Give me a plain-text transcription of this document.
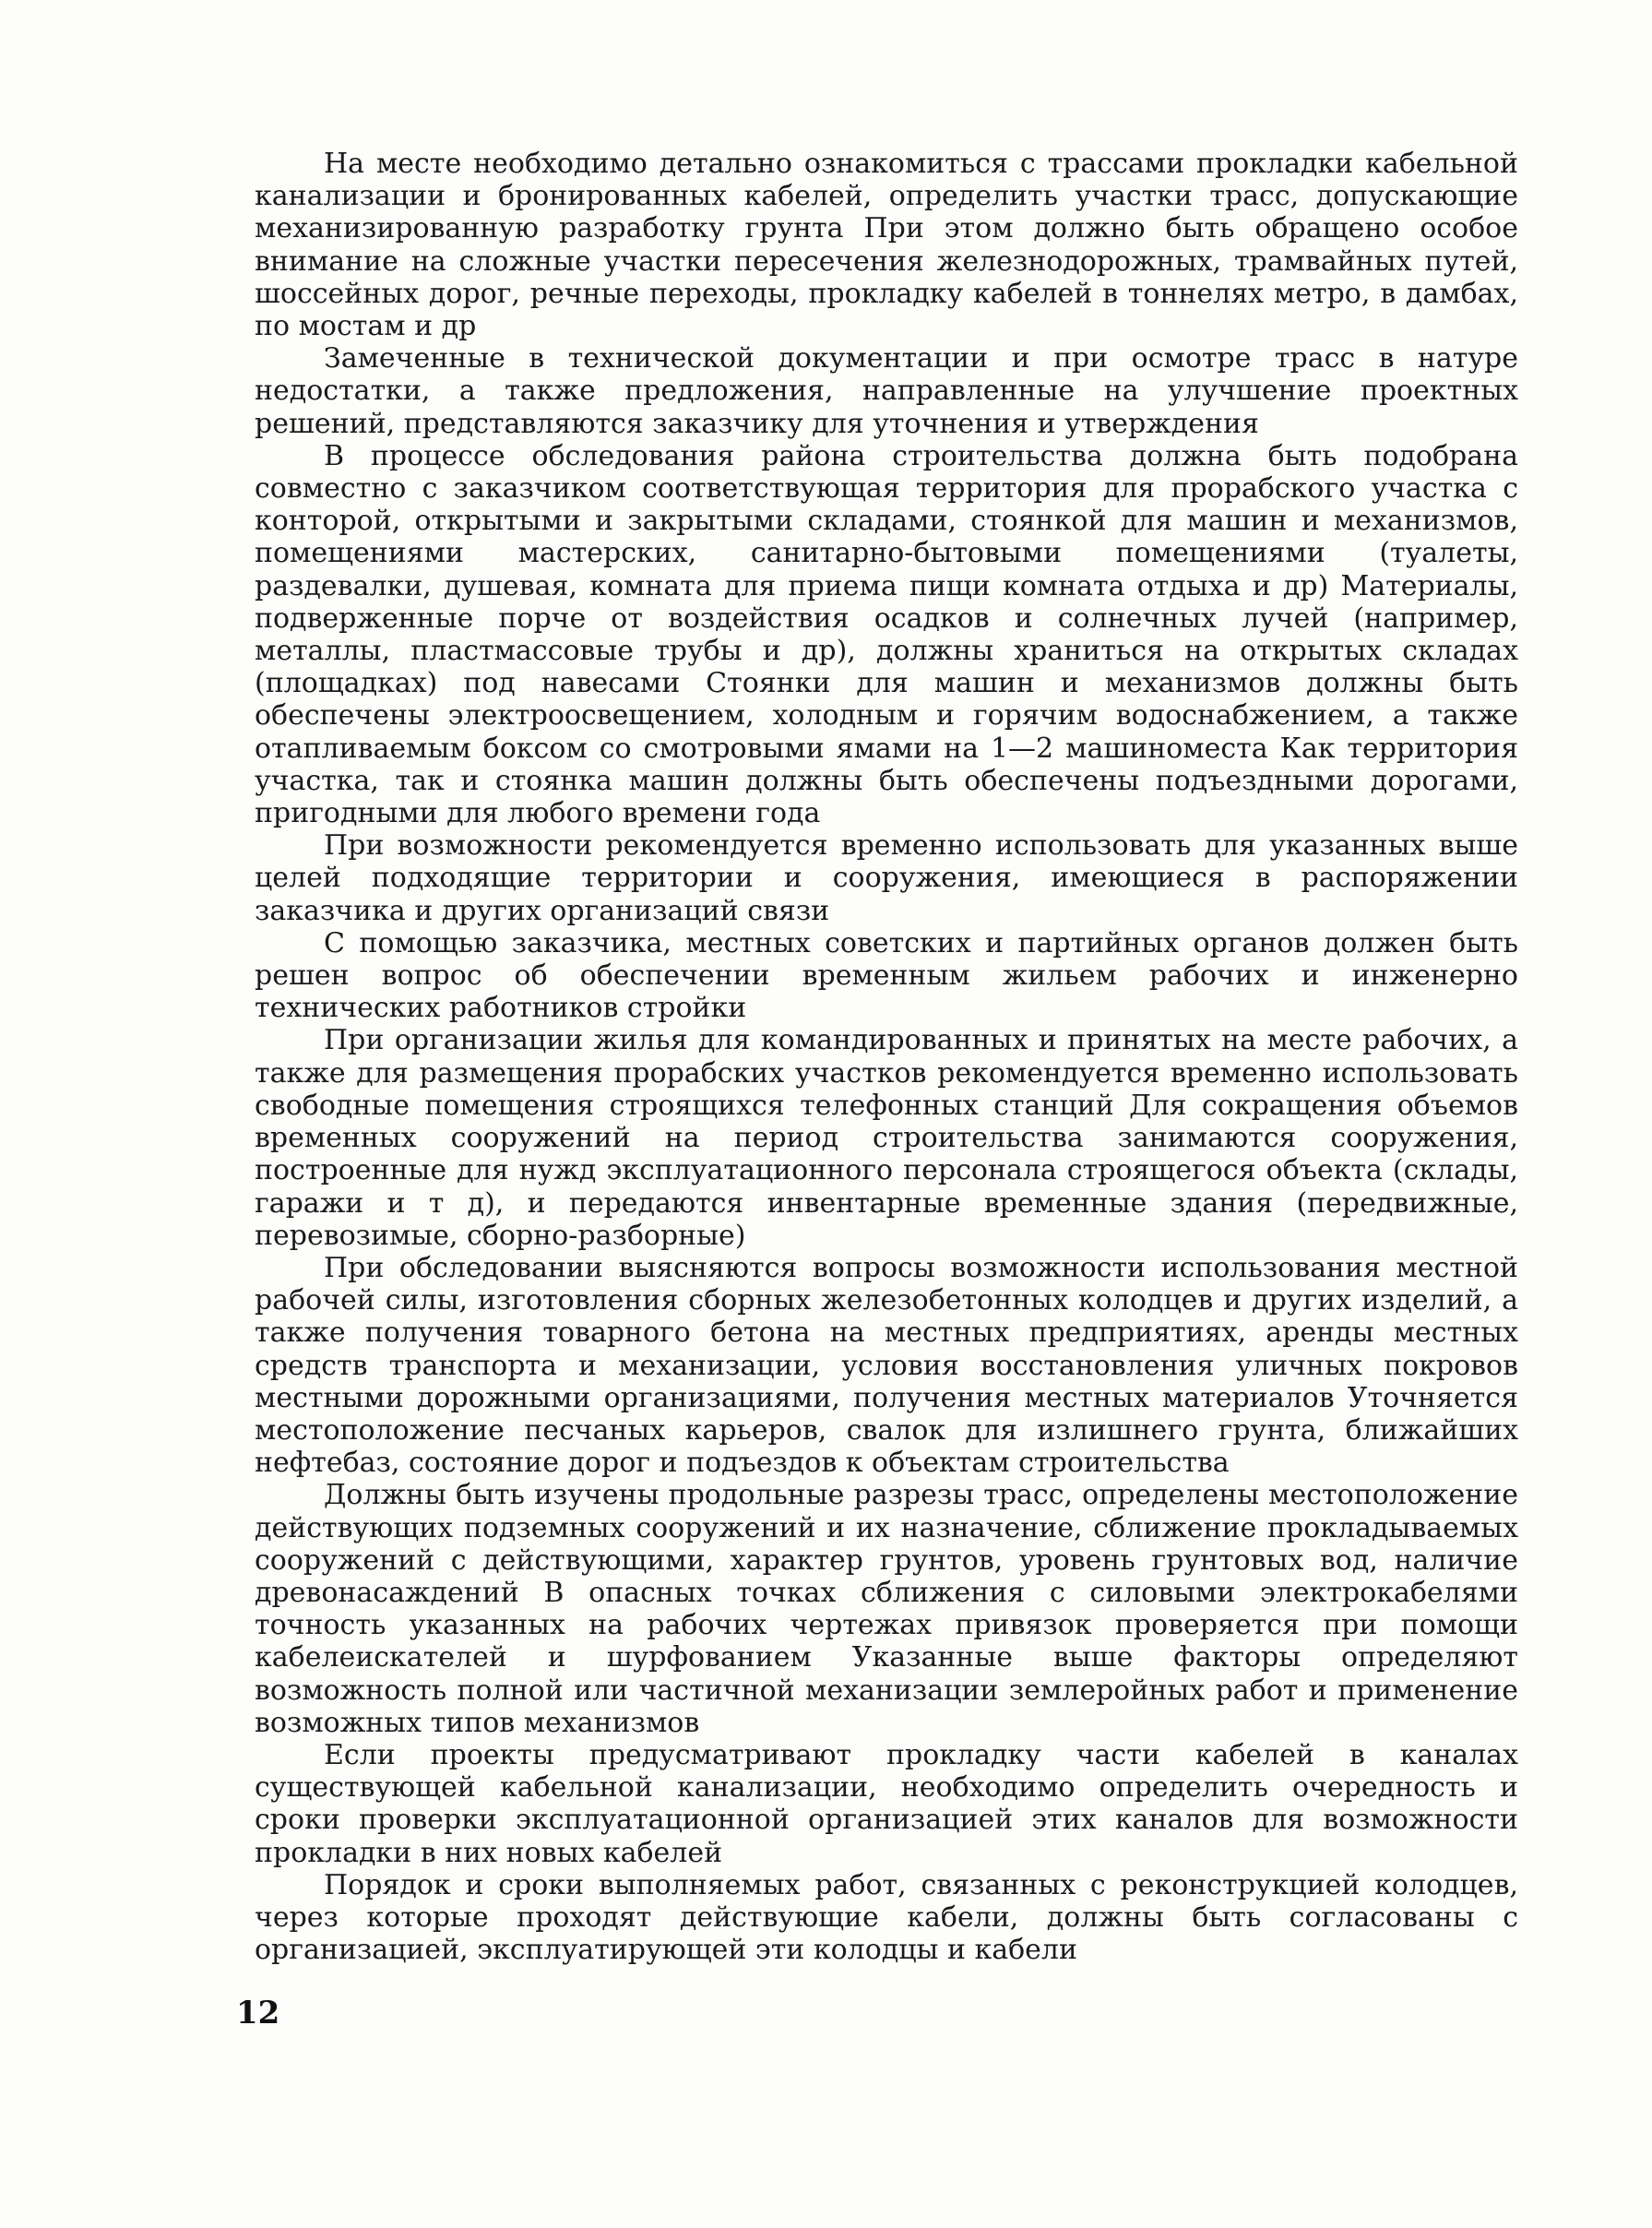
На месте необходимо детально ознакомиться с трассами прокладки кабельной канализации и бронированных кабелей, определить участки трасс, допускающие механизированную разработку грунта При этом должно быть обращено особое внимание на сложные участки пересечения железнодорожных, трамвайных путей, шоссейных дорог, речные переходы, прокладку кабелей в тоннелях метро, в дамбах, по мостам и др

Замеченные в технической документации и при осмотре трасс в натуре недостатки, а также предложения, направленные на улучшение проектных решений, представляются заказчику для уточнения и утверждения

В процессе обследования района строительства должна быть подобрана совместно с заказчиком соответствующая территория для прорабского участка с конторой, открытыми и закрытыми складами, стоянкой для машин и механизмов, помещениями мастерских, санитарно-бытовыми помещениями (туалеты, раздевалки, душевая, комната для приема пищи комната отдыха и др) Материалы, подверженные порче от воздействия осадков и солнечных лучей (например, металлы, пластмассовые трубы и др), должны храниться на открытых складах (площадках) под навесами Стоянки для машин и механизмов должны быть обеспечены электроосвещением, холодным и горячим водоснабжением, а также отапливаемым боксом со смотровыми ямами на 1—2 машиноместа Как территория участка, так и стоянка машин должны быть обеспечены подъездными дорогами, пригодными для любого времени года

При возможности рекомендуется временно использовать для указанных выше целей подходящие территории и сооружения, имеющиеся в распоряжении заказчика и других организаций связи

С помощью заказчика, местных советских и партийных органов должен быть решен вопрос об обеспечении временным жильем рабочих и инженерно технических работников стройки

При организации жилья для командированных и принятых на месте рабочих, а также для размещения прорабских участков рекомендуется временно использовать свободные помещения строящихся телефонных станций Для сокращения объемов временных сооружений на период строительства занимаются сооружения, построенные для нужд эксплуатационного персонала строящегося объекта (склады, гаражи и т д), и передаются инвентарные временные здания (передвижные, перевозимые, сборно-разборные)

При обследовании выясняются вопросы возможности использования местной рабочей силы, изготовления сборных железобетонных колодцев и других изделий, а также получения товарного бетона на местных предприятиях, аренды местных средств транспорта и механизации, условия восстановления уличных покровов местными дорожными организациями, получения местных материалов Уточняется местоположение песчаных карьеров, свалок для излишнего грунта, ближайших нефтебаз, состояние дорог и подъездов к объектам строительства

Должны быть изучены продольные разрезы трасс, определены местоположение действующих подземных сооружений и их назначение, сближение прокладываемых сооружений с действующими, характер грунтов, уровень грунтовых вод, наличие древонасаждений В опасных точках сближения с силовыми электрокабелями точность указанных на рабочих чертежах привязок проверяется при помощи кабелеискателей и шурфованием Указанные выше факторы определяют возможность полной или частичной механизации землеройных работ и применение возможных типов механизмов

Если проекты предусматривают прокладку части кабелей в каналах существующей кабельной канализации, необходимо определить очередность и сроки проверки эксплуатационной организацией этих каналов для возможности прокладки в них новых кабелей

Порядок и сроки выполняемых работ, связанных с реконструкцией колодцев, через которые проходят действующие кабели, должны быть согласованы с организацией, эксплуатирующей эти колодцы и кабели

12
